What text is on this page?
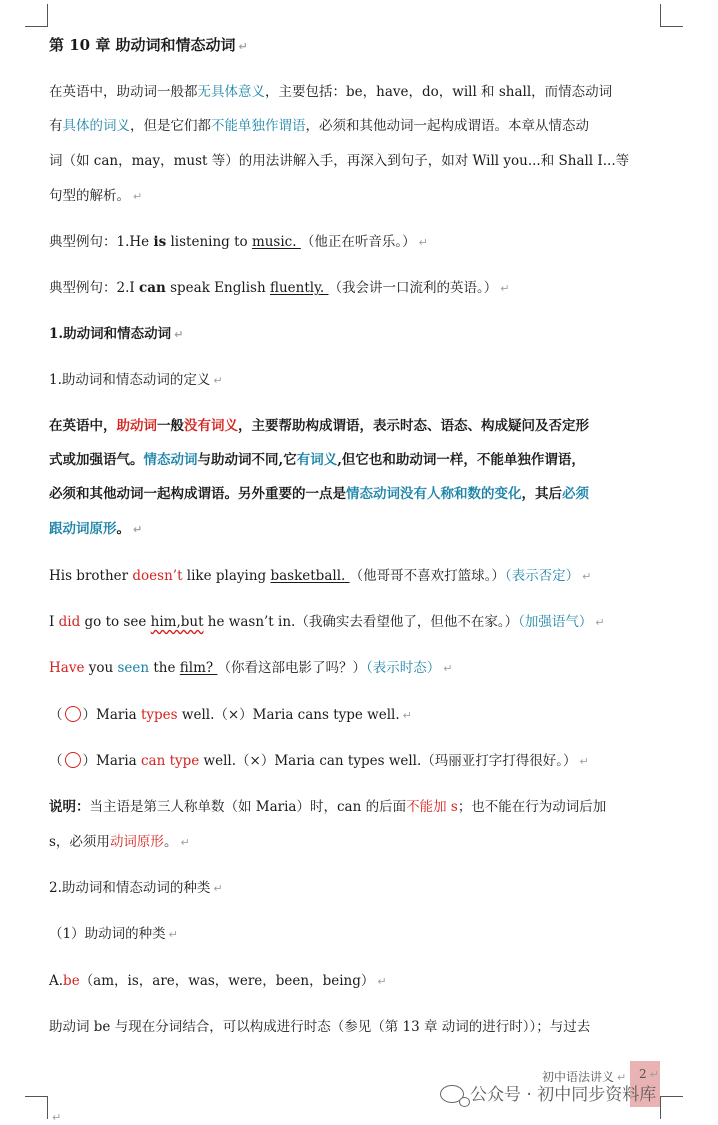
第 10 章 助动词和情态动词 ↵
在英语中，助动词一般都无具体意义，主要包括：be，have，do，will 和 shall，而情态动词
有具体的词义，但是它们都不能单独作谓语，必须和其他动词一起构成谓语。本章从情态动
词（如 can，may，must 等）的用法讲解入手，再深入到句子，如对 Will you...和 Shall I...等
句型的解析。 ↵
典型例句：1.He is listening to music. （他正在听音乐。） ↵
典型例句：2.I can speak English fluently. （我会讲一口流利的英语。） ↵
1.助动词和情态动词 ↵
1.助动词和情态动词的定义 ↵
在英语中，助动词一般没有词义，主要帮助构成谓语，表示时态、语态、构成疑问及否定形
式或加强语气。情态动词与助动词不同,它有词义,但它也和助动词一样，不能单独作谓语，
必须和其他动词一起构成谓语。另外重要的一点是情态动词没有人称和数的变化，其后必须
跟动词原形。 ↵
His brother doesn’t like playing basketball. （他哥哥不喜欢打篮球。）（表示否定） ↵
I did go to see him,but he wasn’t in.（我确实去看望他了，但他不在家。）（加强语气） ↵
Have you seen the film? （你看这部电影了吗？）（表示时态） ↵
（ ）Maria types well.（×）Maria cans type well. ↵
（ ）Maria can type well.（×）Maria can types well.（玛丽亚打字打得很好。） ↵
说明：当主语是第三人称单数（如 Maria）时，can 的后面不能加 s；也不能在行为动词后加
s，必须用动词原形。 ↵
2.助动词和情态动词的种类 ↵
（1）助动词的种类 ↵
A.be（am，is，are，was，were，been，being） ↵
助动词 be 与现在分词结合，可以构成进行时态（参见（第 13 章 动词的进行时））；与过去
初中语法讲义 ↵ 2 ↵
公众号 · 初中同步资料库
↵
